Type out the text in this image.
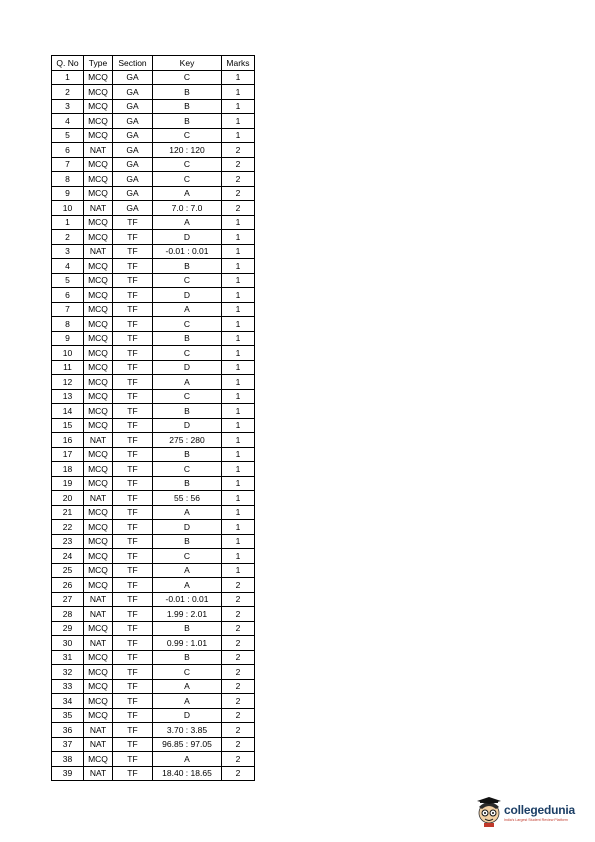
Q. No	Type	Section	Key	Marks
1	MCQ	GA	C	1
2	MCQ	GA	B	1
3	MCQ	GA	B	1
4	MCQ	GA	B	1
5	MCQ	GA	C	1
6	NAT	GA	120 : 120	2
7	MCQ	GA	C	2
8	MCQ	GA	C	2
9	MCQ	GA	A	2
10	NAT	GA	7.0 : 7.0	2
1	MCQ	TF	A	1
2	MCQ	TF	D	1
3	NAT	TF	-0.01 : 0.01	1
4	MCQ	TF	B	1
5	MCQ	TF	C	1
6	MCQ	TF	D	1
7	MCQ	TF	A	1
8	MCQ	TF	C	1
9	MCQ	TF	B	1
10	MCQ	TF	C	1
11	MCQ	TF	D	1
12	MCQ	TF	A	1
13	MCQ	TF	C	1
14	MCQ	TF	B	1
15	MCQ	TF	D	1
16	NAT	TF	275 : 280	1
17	MCQ	TF	B	1
18	MCQ	TF	C	1
19	MCQ	TF	B	1
20	NAT	TF	55 : 56	1
21	MCQ	TF	A	1
22	MCQ	TF	D	1
23	MCQ	TF	B	1
24	MCQ	TF	C	1
25	MCQ	TF	A	1
26	MCQ	TF	A	2
27	NAT	TF	-0.01 : 0.01	2
28	NAT	TF	1.99 : 2.01	2
29	MCQ	TF	B	2
30	NAT	TF	0.99 : 1.01	2
31	MCQ	TF	B	2
32	MCQ	TF	C	2
33	MCQ	TF	A	2
34	MCQ	TF	A	2
35	MCQ	TF	D	2
36	NAT	TF	3.70 : 3.85	2
37	NAT	TF	96.85 : 97.05	2
38	MCQ	TF	A	2
39	NAT	TF	18.40 : 18.65	2
collegedunia
India's Largest Student Review Platform
